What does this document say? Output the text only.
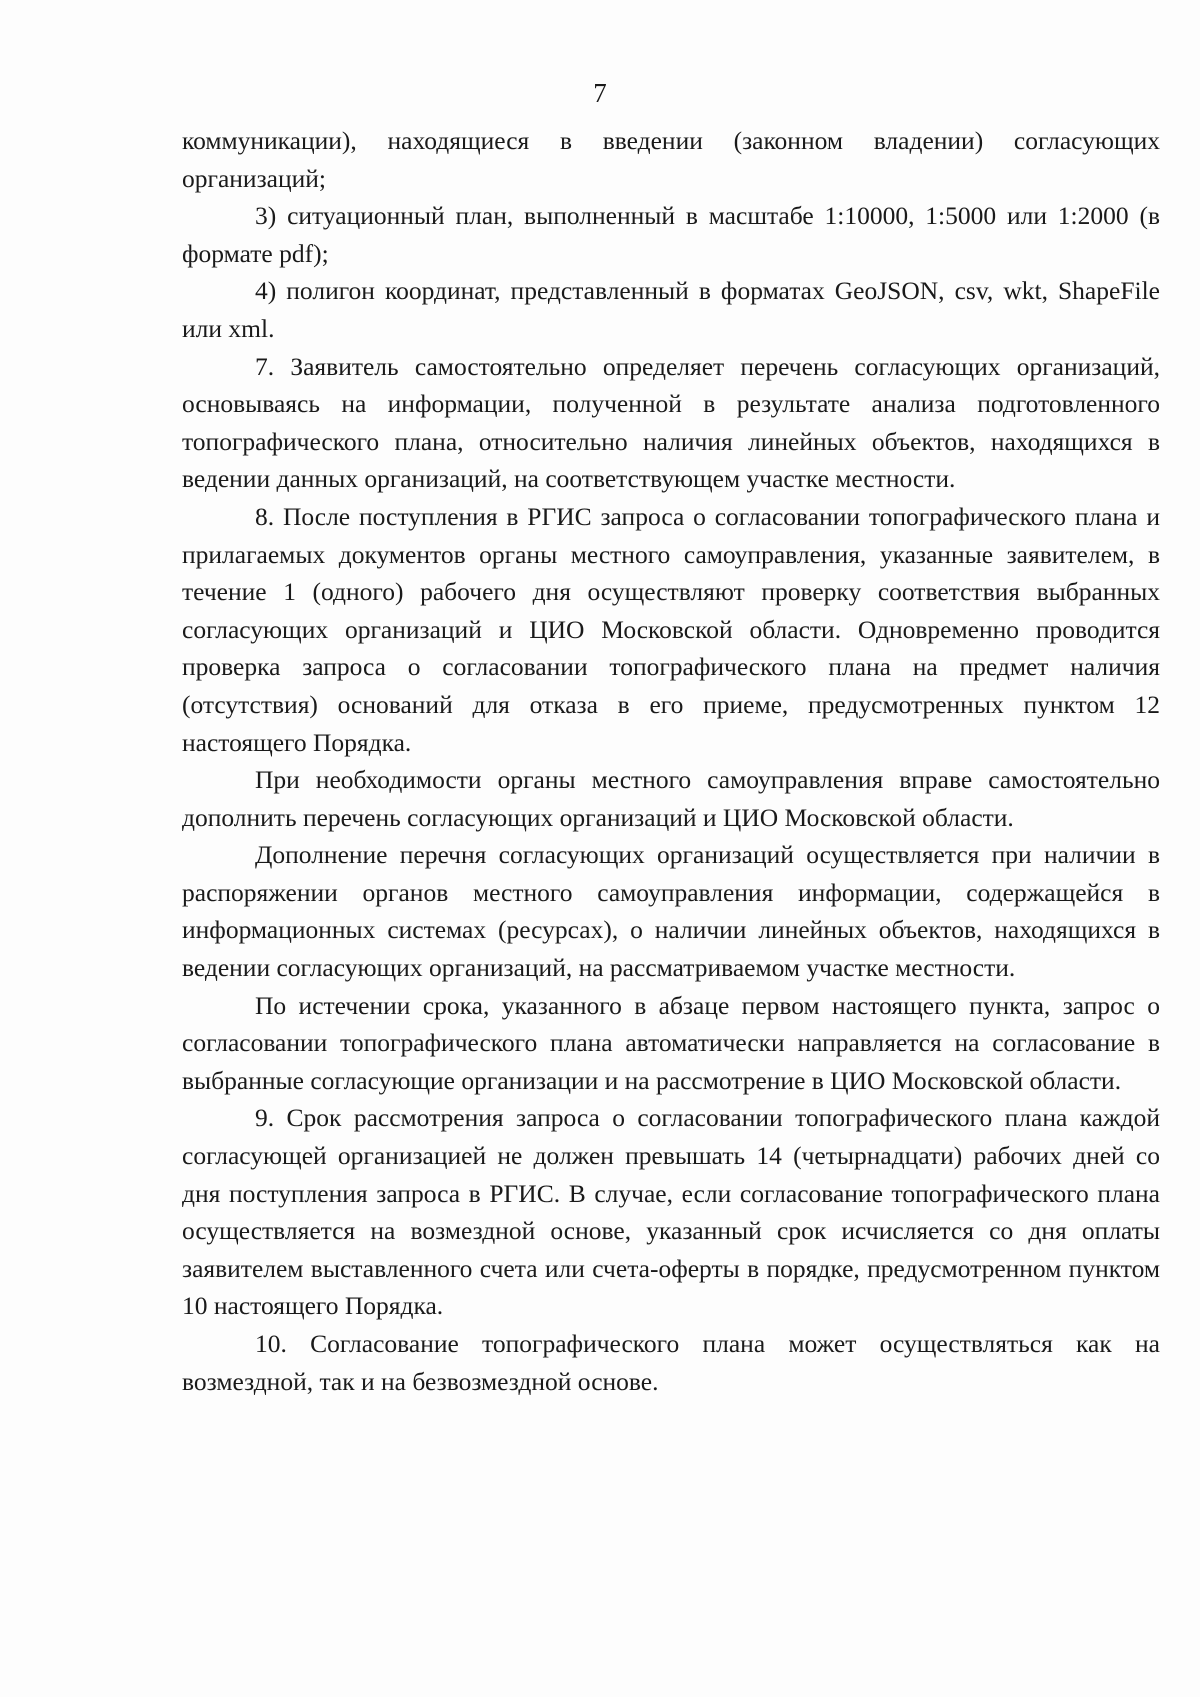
7

коммуникации), находящиеся в введении (законном владении) согласующих организаций;

3) ситуационный план, выполненный в масштабе 1:10000, 1:5000 или 1:2000 (в формате pdf);

4) полигон координат, представленный в форматах GeoJSON, csv, wkt, ShapeFile или xml.

7. Заявитель самостоятельно определяет перечень согласующих организаций, основываясь на информации, полученной в результате анализа подготовленного топографического плана, относительно наличия линейных объектов, находящихся в ведении данных организаций, на соответствующем участке местности.

8. После поступления в РГИС запроса о согласовании топографического плана и прилагаемых документов органы местного самоуправления, указанные заявителем, в течение 1 (одного) рабочего дня осуществляют проверку соответствия выбранных согласующих организаций и ЦИО Московской области. Одновременно проводится проверка запроса о согласовании топографического плана на предмет наличия (отсутствия) оснований для отказа в его приеме, предусмотренных пунктом 12 настоящего Порядка.

При необходимости органы местного самоуправления вправе самостоятельно дополнить перечень согласующих организаций и ЦИО Московской области.

Дополнение перечня согласующих организаций осуществляется при наличии в распоряжении органов местного самоуправления информации, содержащейся в информационных системах (ресурсах), о наличии линейных объектов, находящихся в ведении согласующих организаций, на рассматриваемом участке местности.

По истечении срока, указанного в абзаце первом настоящего пункта, запрос о согласовании топографического плана автоматически направляется на согласование в выбранные согласующие организации и на рассмотрение в ЦИО Московской области.

9. Срок рассмотрения запроса о согласовании топографического плана каждой согласующей организацией не должен превышать 14 (четырнадцати) рабочих дней со дня поступления запроса в РГИС. В случае, если согласование топографического плана осуществляется на возмездной основе, указанный срок исчисляется со дня оплаты заявителем выставленного счета или счета-оферты в порядке, предусмотренном пунктом 10 настоящего Порядка.

10. Согласование топографического плана может осуществляться как на возмездной, так и на безвозмездной основе.
